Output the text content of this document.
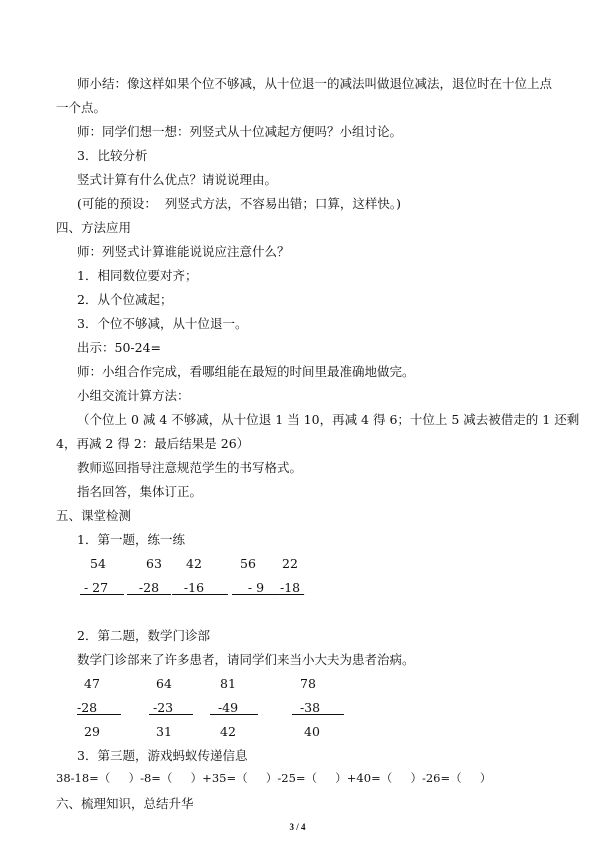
师小结：像这样如果个位不够减，从十位退一的减法叫做退位减法，退位时在十位上点
一个点。
师：同学们想一想：列竖式从十位减起方便吗？小组讨论。
3．比较分析
竖式计算有什么优点？请说说理由。
(可能的预设：  列竖式方法，不容易出错；口算，这样快。)
四、方法应用
师：列竖式计算谁能说说应注意什么？
1．相同数位要对齐；
2．从个位减起；
3．个位不够减，从十位退一。
出示：50-24=
师：小组合作完成，看哪组能在最短的时间里最准确地做完。
小组交流计算方法：
（个位上 0 减 4 不够减，从十位退 1 当 10，再减 4 得 6；十位上 5 减去被借走的 1 还剩
4，再减 2 得 2：最后结果是 26）
教师巡回指导注意规范学生的书写格式。
指名回答，集体订正。
五、课堂检测
1．第一题，练一练
54	63 42	56 22
- 27 -28 -16 - 9 -18
2．第二题，数学门诊部
数学门诊部来了许多患者，请同学们来当小大夫为患者治病。
47	64	81	78
-28 -23 -49	-38
29	31	42	40
3．第三题，游戏蚂蚁传递信息
38-18=（     ）-8=（     ）+35=（     ）-25=（     ）+40=（     ）-26=（     ）
六、梳理知识，总结升华
3 / 4
